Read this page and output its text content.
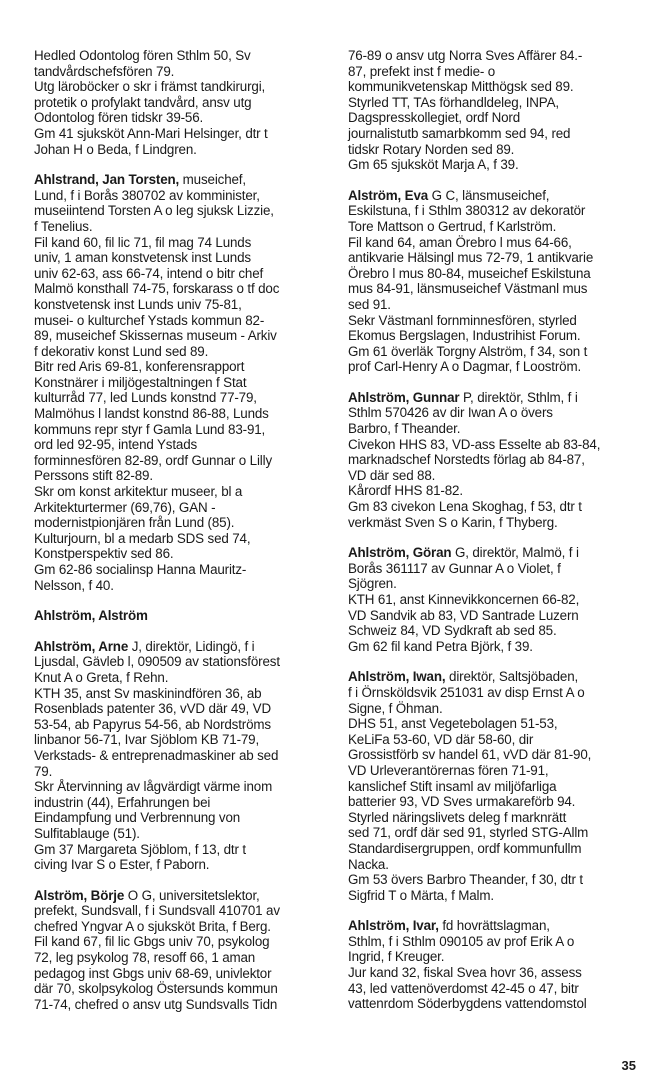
Hedled Odontolog fören Sthlm 50, Sv
tandvårdschefsfören 79.
Utg läroböcker o skr i främst tandkirurgi,
protetik o profylakt tandvård, ansv utg
Odontolog fören tidskr 39-56.
Gm 41 sjuksköt Ann-Mari Helsinger, dtr t
Johan H o Beda, f Lindgren.
Ahlstrand, Jan Torsten, museichef,
Lund, f i Borås 380702 av komminister,
museiintend Torsten A o leg sjuksk Lizzie,
f Tenelius.
Fil kand 60, fil lic 71, fil mag 74 Lunds
univ, 1 aman konstvetensk inst Lunds
univ 62-63, ass 66-74, intend o bitr chef
Malmö konsthall 74-75, forskarass o tf doc
konstvetensk inst Lunds univ 75-81,
musei- o kulturchef Ystads kommun 82-
89, museichef Skissernas museum - Arkiv
f dekorativ konst Lund sed 89.
Bitr red Aris 69-81, konferensrapport
Konstnärer i miljögestaltningen f Stat
kulturråd 77, led Lunds konstnd 77-79,
Malmöhus l landst konstnd 86-88, Lunds
kommuns repr styr f Gamla Lund 83-91,
ord led 92-95, intend Ystads
forminnesfören 82-89, ordf Gunnar o Lilly
Perssons stift 82-89.
Skr om konst arkitektur museer, bl a
Arkitekturtermer (69,76), GAN -
modernistpionjären från Lund (85).
Kulturjourn, bl a medarb SDS sed 74,
Konstperspektiv sed 86.
Gm 62-86 socialinsp Hanna Mauritz-
Nelsson, f 40.
Ahlström, Alström
Ahlström, Arne J, direktör, Lidingö, f i
Ljusdal, Gävleb l, 090509 av stationsförest
Knut A o Greta, f Rehn.
KTH 35, anst Sv maskinindfören 36, ab
Rosenblads patenter 36, vVD där 49, VD
53-54, ab Papyrus 54-56, ab Nordströms
linbanor 56-71, Ivar Sjöblom KB 71-79,
Verkstads- & entreprenadmaskiner ab sed
79.
Skr Återvinning av lågvärdigt värme inom
industrin (44), Erfahrungen bei
Eindampfung und Verbrennung von
Sulfitablauge (51).
Gm 37 Margareta Sjöblom, f 13, dtr t
civing Ivar S o Ester, f Paborn.
Alström, Börje O G, universitetslektor,
prefekt, Sundsvall, f i Sundsvall 410701 av
chefred Yngvar A o sjuksköt Brita, f Berg.
Fil kand 67, fil lic Gbgs univ 70, psykolog
72, leg psykolog 78, resoff 66, 1 aman
pedagog inst Gbgs univ 68-69, univlektor
där 70, skolpsykolog Östersunds kommun
71-74, chefred o ansv utg Sundsvalls Tidn
76-89 o ansv utg Norra Sves Affärer 84.-
87, prefekt inst f medie- o
kommunikvetenskap Mitthögsk sed 89.
Styrled TT, TAs förhandldeleg, INPA,
Dagspresskollegiet, ordf Nord
journalistutb samarbkomm sed 94, red
tidskr Rotary Norden sed 89.
Gm 65 sjuksköt Marja A, f 39.
Alström, Eva G C, länsmuseichef,
Eskilstuna, f i Sthlm 380312 av dekoratör
Tore Mattson o Gertrud, f Karlström.
Fil kand 64, aman Örebro l mus 64-66,
antikvarie Hälsingl mus 72-79, 1 antikvarie
Örebro l mus 80-84, museichef Eskilstuna
mus 84-91, länsmuseichef Västmanl mus
sed 91.
Sekr Västmanl fornminnesfören, styrled
Ekomus Bergslagen, Industrihist Forum.
Gm 61 överläk Torgny Alström, f 34, son t
prof Carl-Henry A o Dagmar, f Looström.
Ahlström, Gunnar P, direktör, Sthlm, f i
Sthlm 570426 av dir Iwan A o övers
Barbro, f Theander.
Civekon HHS 83, VD-ass Esselte ab 83-84,
marknadschef Norstedts förlag ab 84-87,
VD där sed 88.
Kårordf HHS 81-82.
Gm 83 civekon Lena Skoghag, f 53, dtr t
verkmäst Sven S o Karin, f Thyberg.
Ahlström, Göran G, direktör, Malmö, f i
Borås 361117 av Gunnar A o Violet, f
Sjögren.
KTH 61, anst Kinnevikkoncernen 66-82,
VD Sandvik ab 83, VD Santrade Luzern
Schweiz 84, VD Sydkraft ab sed 85.
Gm 62 fil kand Petra Björk, f 39.
Ahlström, Iwan, direktör, Saltsjöbaden,
f i Örnsköldsvik 251031 av disp Ernst A o
Signe, f Öhman.
DHS 51, anst Vegetebolagen 51-53,
KeLiFa 53-60, VD där 58-60, dir
Grossistförb sv handel 61, vVD där 81-90,
VD Urleverantörernas fören 71-91,
kanslichef Stift insaml av miljöfarliga
batterier 93, VD Sves urmakareförb 94.
Styrled näringslivets deleg f marknrätt
sed 71, ordf där sed 91, styrled STG-Allm
Standardisergruppen, ordf kommunfullm
Nacka.
Gm 53 övers Barbro Theander, f 30, dtr t
Sigfrid T o Märta, f Malm.
Ahlström, Ivar, fd hovrättslagman,
Sthlm, f i Sthlm 090105 av prof Erik A o
Ingrid, f Kreuger.
Jur kand 32, fiskal Svea hovr 36, assess
43, led vattenöverdomst 42-45 o 47, bitr
vattenrdom Söderbygdens vattendomstol
35
